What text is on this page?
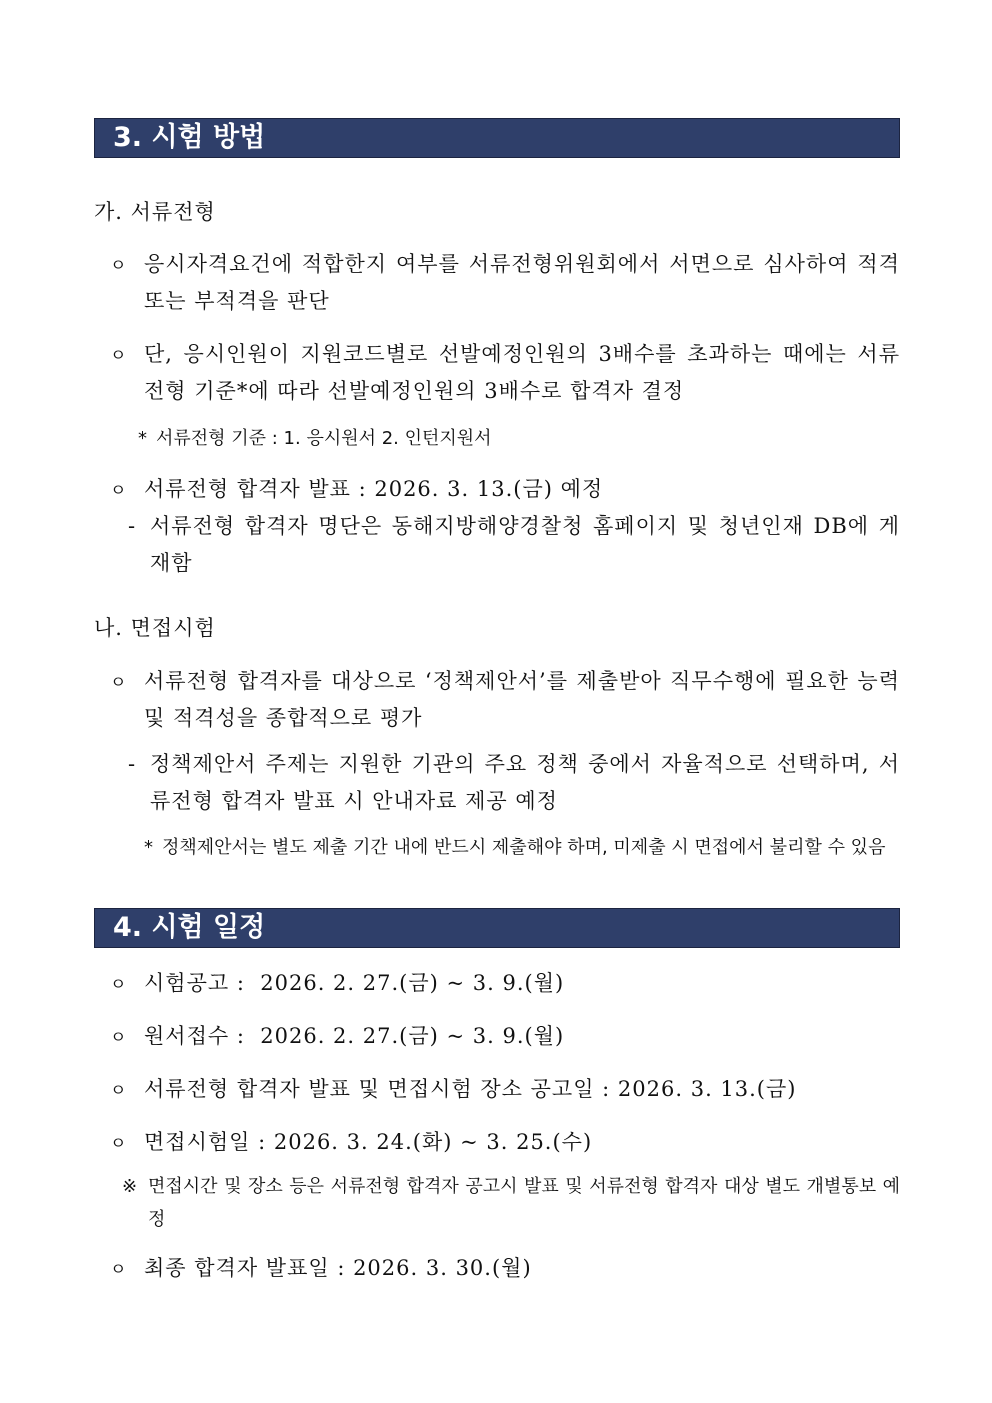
3. 시험 방법
가. 서류전형
ㅇ 응시자격요건에 적합한지 여부를 서류전형위원회에서 서면으로 심사하여 적격 또는 부적격을 판단
ㅇ 단, 응시인원이 지원코드별로 선발예정인원의 3배수를 초과하는 때에는 서류전형 기준*에 따라 선발예정인원의 3배수로 합격자 결정
* 서류전형 기준 : 1. 응시원서 2. 인턴지원서
ㅇ 서류전형 합격자 발표 : 2026. 3. 13.(금) 예정
- 서류전형 합격자 명단은 동해지방해양경찰청 홈페이지 및 청년인재 DB에 게재함
나. 면접시험
ㅇ 서류전형 합격자를 대상으로 ‘정책제안서’를 제출받아 직무수행에 필요한 능력 및 적격성을 종합적으로 평가
- 정책제안서 주제는 지원한 기관의 주요 정책 중에서 자율적으로 선택하며, 서류전형 합격자 발표 시 안내자료 제공 예정
* 정책제안서는 별도 제출 기간 내에 반드시 제출해야 하며, 미제출 시 면접에서 불리할 수 있음
4. 시험 일정
ㅇ 시험공고 :  2026. 2. 27.(금) ~ 3. 9.(월)
ㅇ 원서접수 :  2026. 2. 27.(금) ~ 3. 9.(월)
ㅇ 서류전형 합격자 발표 및 면접시험 장소 공고일 : 2026. 3. 13.(금)
ㅇ 면접시험일 : 2026. 3. 24.(화) ~ 3. 25.(수)
※ 면접시간 및 장소 등은 서류전형 합격자 공고시 발표 및 서류전형 합격자 대상 별도 개별통보 예정
ㅇ 최종 합격자 발표일 : 2026. 3. 30.(월)
